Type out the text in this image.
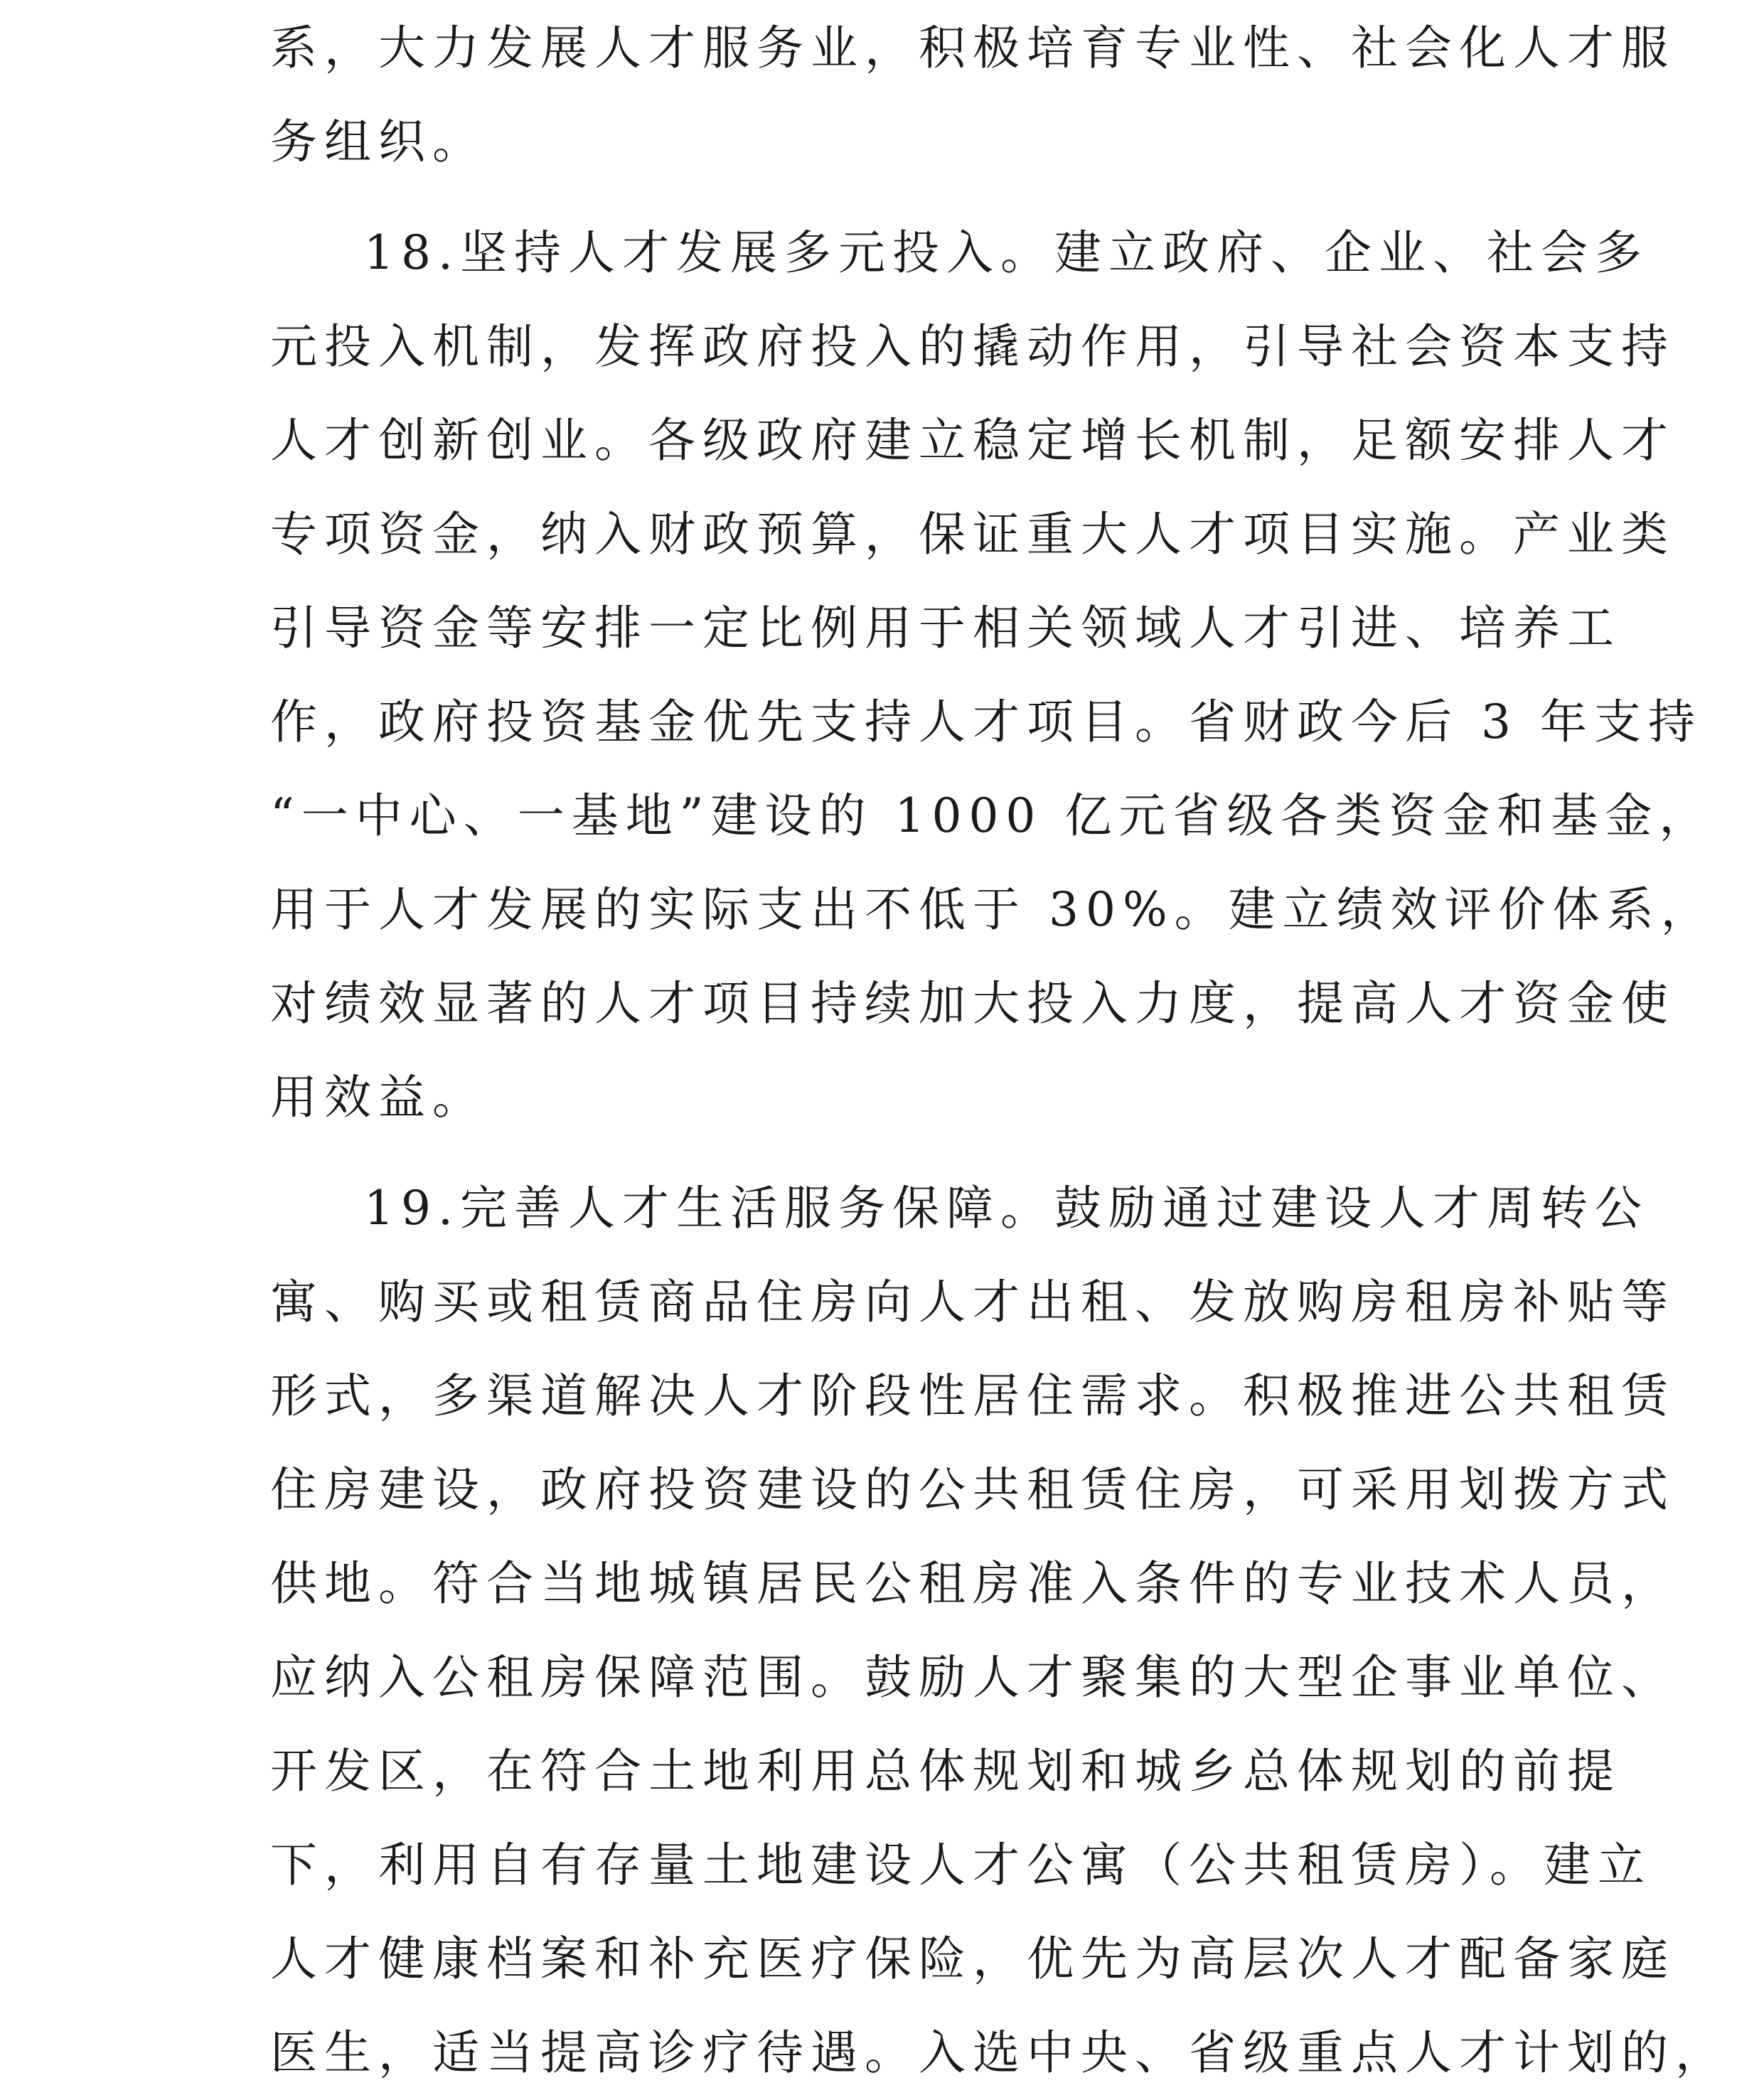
系，大力发展人才服务业，积极培育专业性、社会化人才服
务组织。
18.坚持人才发展多元投入。建立政府、企业、社会多
元投入机制，发挥政府投入的撬动作用，引导社会资本支持
人才创新创业。各级政府建立稳定增长机制，足额安排人才
专项资金，纳入财政预算，保证重大人才项目实施。产业类
引导资金等安排一定比例用于相关领域人才引进、培养工
作，政府投资基金优先支持人才项目。省财政今后 3 年支持
“一中心、一基地”建设的 1000 亿元省级各类资金和基金，
用于人才发展的实际支出不低于 30%。建立绩效评价体系，
对绩效显著的人才项目持续加大投入力度，提高人才资金使
用效益。
19.完善人才生活服务保障。鼓励通过建设人才周转公
寓、购买或租赁商品住房向人才出租、发放购房租房补贴等
形式，多渠道解决人才阶段性居住需求。积极推进公共租赁
住房建设，政府投资建设的公共租赁住房，可采用划拨方式
供地。符合当地城镇居民公租房准入条件的专业技术人员，
应纳入公租房保障范围。鼓励人才聚集的大型企事业单位、
开发区，在符合土地利用总体规划和城乡总体规划的前提
下，利用自有存量土地建设人才公寓（公共租赁房）。建立
人才健康档案和补充医疗保险，优先为高层次人才配备家庭
医生，适当提高诊疗待遇。入选中央、省级重点人才计划的，
